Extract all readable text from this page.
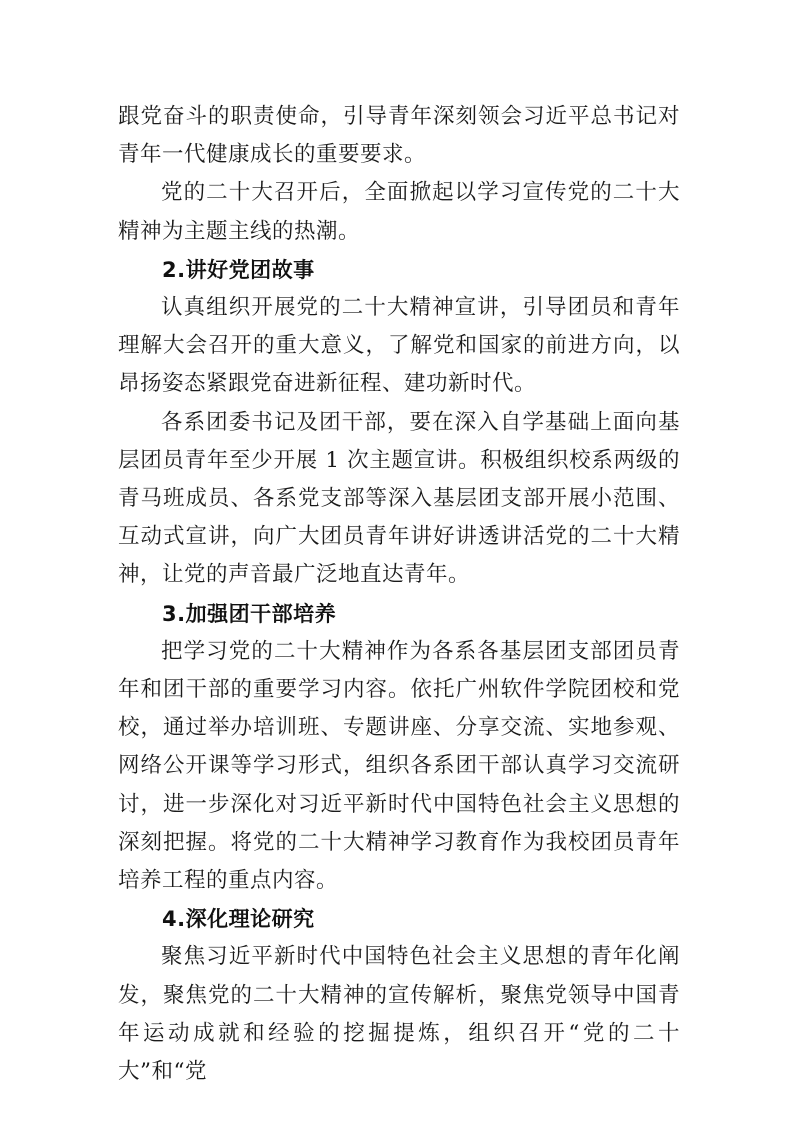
跟党奋斗的职责使命，引导青年深刻领会习近平总书记对青年一代健康成长的重要要求。

党的二十大召开后，全面掀起以学习宣传党的二十大精神为主题主线的热潮。

2.讲好党团故事

认真组织开展党的二十大精神宣讲，引导团员和青年理解大会召开的重大意义，了解党和国家的前进方向，以昂扬姿态紧跟党奋进新征程、建功新时代。

各系团委书记及团干部，要在深入自学基础上面向基层团员青年至少开展 1 次主题宣讲。积极组织校系两级的青马班成员、各系党支部等深入基层团支部开展小范围、互动式宣讲，向广大团员青年讲好讲透讲活党的二十大精神，让党的声音最广泛地直达青年。

3.加强团干部培养

把学习党的二十大精神作为各系各基层团支部团员青年和团干部的重要学习内容。依托广州软件学院团校和党校，通过举办培训班、专题讲座、分享交流、实地参观、网络公开课等学习形式，组织各系团干部认真学习交流研讨，进一步深化对习近平新时代中国特色社会主义思想的深刻把握。将党的二十大精神学习教育作为我校团员青年培养工程的重点内容。

4.深化理论研究

聚焦习近平新时代中国特色社会主义思想的青年化阐发，聚焦党的二十大精神的宣传解析，聚焦党领导中国青年运动成就和经验的挖掘提炼，组织召开“党的二十大”和“党
